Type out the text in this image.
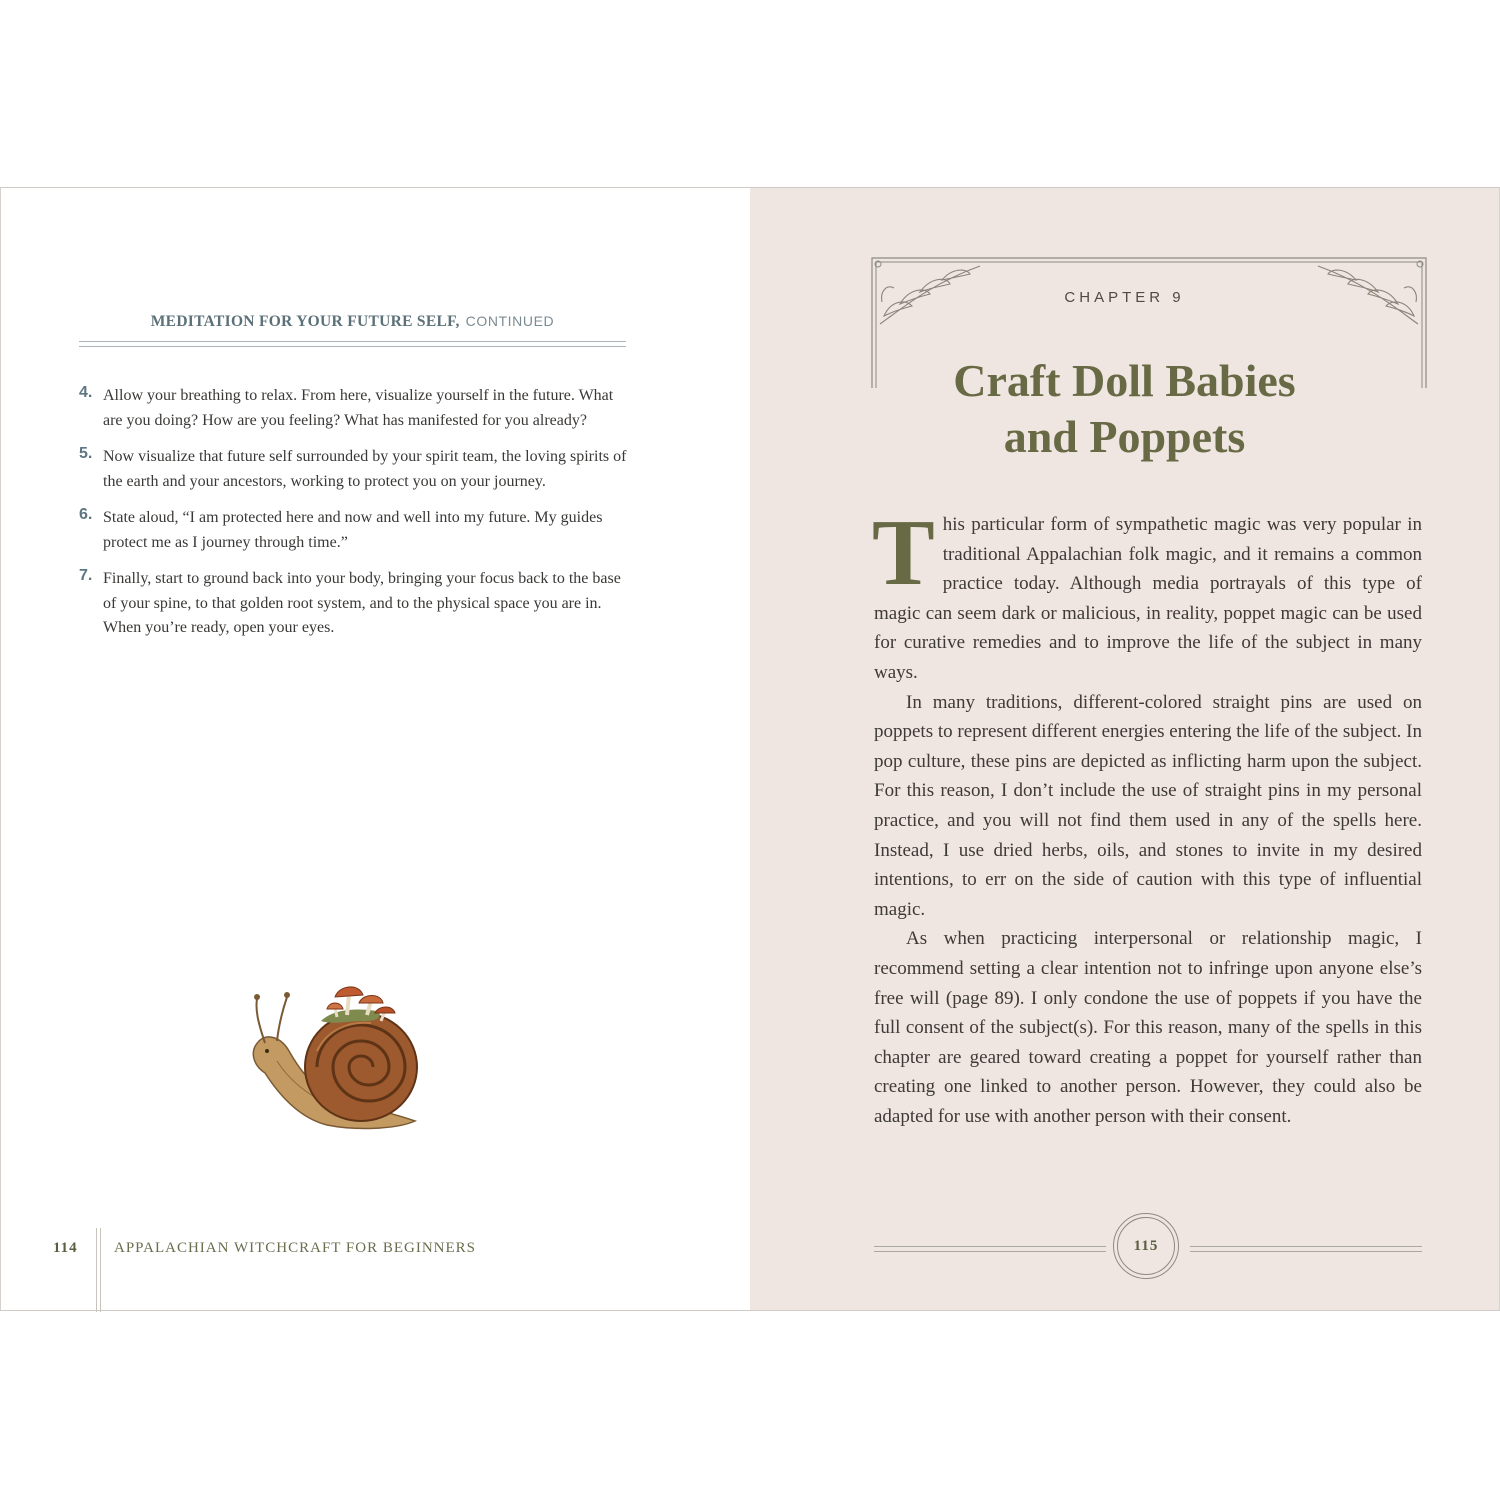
MEDITATION FOR YOUR FUTURE SELF, CONTINUED
4. Allow your breathing to relax. From here, visualize yourself in the future. What are you doing? How are you feeling? What has manifested for you already?
5. Now visualize that future self surrounded by your spirit team, the loving spirits of the earth and your ancestors, working to protect you on your journey.
6. State aloud, “I am protected here and now and well into my future. My guides protect me as I journey through time.”
7. Finally, start to ground back into your body, bringing your focus back to the base of your spine, to that golden root system, and to the physical space you are in. When you’re ready, open your eyes.
114 APPALACHIAN WITCHCRAFT FOR BEGINNERS
CHAPTER 9
Craft Doll Babies
and Poppets

This particular form of sympathetic magic was very popular in traditional Appalachian folk magic, and it remains a common practice today. Although media portrayals of this type of magic can seem dark or malicious, in reality, poppet magic can be used for curative remedies and to improve the life of the subject in many ways.

In many traditions, different-colored straight pins are used on poppets to represent different energies entering the life of the subject. In pop culture, these pins are depicted as inflicting harm upon the subject. For this reason, I don’t include the use of straight pins in my personal practice, and you will not find them used in any of the spells here. Instead, I use dried herbs, oils, and stones to invite in my desired intentions, to err on the side of caution with this type of influential magic.

As when practicing interpersonal or relationship magic, I recommend setting a clear intention not to infringe upon anyone else’s free will (page 89). I only condone the use of poppets if you have the full consent of the subject(s). For this reason, many of the spells in this chapter are geared toward creating a poppet for yourself rather than creating one linked to another person. However, they could also be adapted for use with another person with their consent.

115
